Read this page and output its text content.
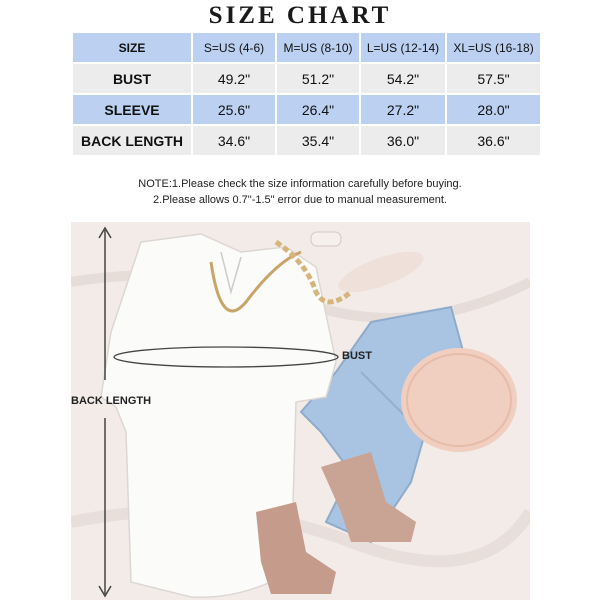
SIZE CHART
SIZE	S=US (4-6)	M=US (8-10)	L=US (12-14)	XL=US (16-18)
BUST	49.2"	51.2"	54.2"	57.5"
SLEEVE	25.6"	26.4"	27.2"	28.0"
BACK LENGTH	34.6"	35.4"	36.0"	36.6"
NOTE:1.Please check the size information carefully before buying.
2.Please allows 0.7"-1.5" error due to manual measurement.
BUST
BACK LENGTH
